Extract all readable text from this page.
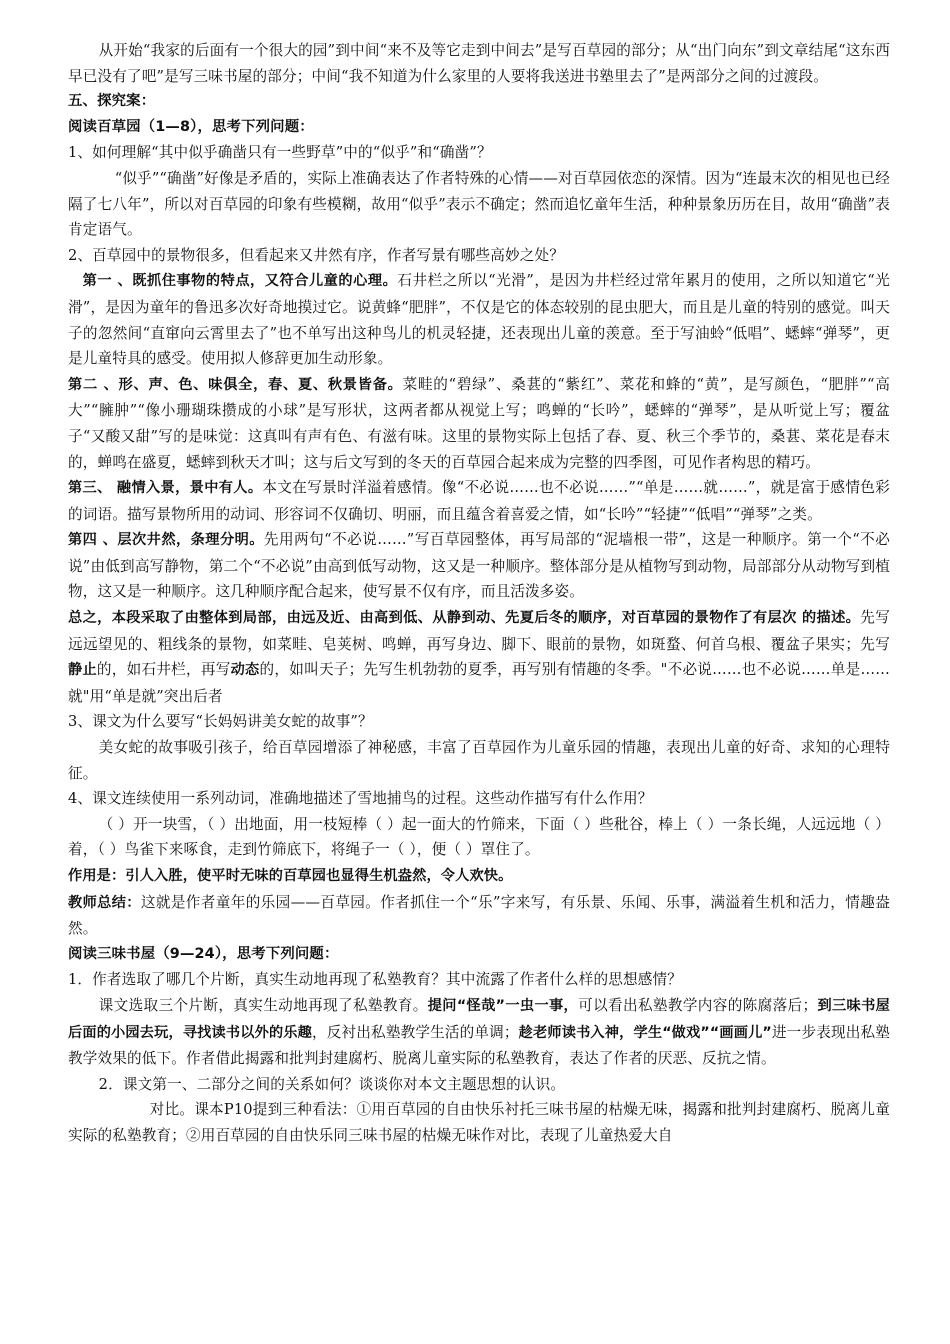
从开始“我家的后面有一个很大的园”到中间“来不及等它走到中间去”是写百草园的部分；从“出门向东”到文章结尾“这东西早已没有了吧”是写三味书屋的部分；中间“我不知道为什么家里的人要将我送进书塾里去了”是两部分之间的过渡段。

五、探究案：

阅读百草园（1—8），思考下列问题：

1、如何理解“其中似乎确凿只有一些野草”中的“似乎”和“确凿”？

“似乎”“确凿”好像是矛盾的，实际上准确表达了作者特殊的心情——对百草园依恋的深情。因为“连最末次的相见也已经隔了七八年”，所以对百草园的印象有些模糊，故用“似乎”表示不确定；然而追忆童年生活，种种景象历历在目，故用“确凿”表肯定语气。

2、百草园中的景物很多，但看起来又井然有序，作者写景有哪些高妙之处？

第一 、既抓住事物的特点，又符合儿童的心理。石井栏之所以“光滑”，是因为井栏经过常年累月的使用，之所以知道它“光滑”，是因为童年的鲁迅多次好奇地摸过它。说黄蜂“肥胖”，不仅是它的体态较别的昆虫肥大，而且是儿童的特别的感觉。叫天子的忽然间“直窜向云霄里去了”也不单写出这种鸟儿的机灵轻捷，还表现出儿童的羡意。至于写油蛉“低唱”、蟋蟀“弹琴”，更是儿童特具的感受。使用拟人修辞更加生动形象。

第二 、形、声、色、味俱全，春、夏、秋景皆备。菜畦的“碧绿”、桑葚的“紫红”、菜花和蜂的“黄”，是写颜色，“肥胖”“高大”“臃肿”“像小珊瑚珠攒成的小球”是写形状，这两者都从视觉上写；鸣蝉的“长吟”，蟋蟀的“弹琴”，是从听觉上写；覆盆子“又酸又甜”写的是味觉：这真叫有声有色、有滋有味。这里的景物实际上包括了春、夏、秋三个季节的，桑葚、菜花是春末的，蝉鸣在盛夏，蟋蟀到秋天才叫；这与后文写到的冬天的百草园合起来成为完整的四季图，可见作者构思的精巧。

第三、 融情入景，景中有人。本文在写景时洋溢着感情。像“不必说……也不必说……”“单是……就……”，就是富于感情色彩的词语。描写景物所用的动词、形容词不仅确切、明丽，而且蕴含着喜爱之情，如“长吟”“轻捷”“低唱”“弹琴”之类。

第四 、层次井然，条理分明。先用两句“不必说……”写百草园整体，再写局部的“泥墙根一带”，这是一种顺序。第一个“不必说”由低到高写静物，第二个“不必说”由高到低写动物，这又是一种顺序。整体部分是从植物写到动物，局部部分从动物写到植物，这又是一种顺序。这几种顺序配合起来，使写景不仅有序，而且活泼多姿。

总之，本段采取了由整体到局部，由远及近、由高到低、从静到动、先夏后冬的顺序，对百草园的景物作了有层次 的描述。先写远远望见的、粗线条的景物，如菜畦、皂荚树、鸣蝉，再写身边、脚下、眼前的景物，如斑蝥、何首乌根、覆盆子果实；先写静止的，如石井栏，再写动态的，如叫天子；先写生机勃勃的夏季，再写别有情趣的冬季。"不必说……也不必说……单是……就"用“单是就”突出后者

3、课文为什么要写“长妈妈讲美女蛇的故事”？

美女蛇的故事吸引孩子，给百草园增添了神秘感，丰富了百草园作为儿童乐园的情趣，表现出儿童的好奇、求知的心理特征。

4、课文连续使用一系列动词，准确地描述了雪地捕鸟的过程。这些动作描写有什么作用？

（ ）开一块雪，（ ）出地面，用一枝短棒（ ）起一面大的竹筛来，下面（ ）些秕谷，棒上（ ）一条长绳，人远远地（ ）着，（ ）鸟雀下来啄食，走到竹筛底下，将绳子一（ ），便（ ）罩住了。

作用是：引人入胜，使平时无味的百草园也显得生机盎然，令人欢快。

教师总结：这就是作者童年的乐园——百草园。作者抓住一个“乐”字来写，有乐景、乐闻、乐事，满溢着生机和活力，情趣盎然。

阅读三味书屋（9—24），思考下列问题：

1．作者选取了哪几个片断，真实生动地再现了私塾教育？其中流露了作者什么样的思想感情？

课文选取三个片断，真实生动地再现了私塾教育。提问“怪哉”一虫一事，可以看出私塾教学内容的陈腐落后；到三味书屋后面的小园去玩，寻找读书以外的乐趣，反衬出私塾教学生活的单调；趁老师读书入神，学生“做戏”“画画儿”进一步表现出私塾教学效果的低下。作者借此揭露和批判封建腐朽、脱离儿童实际的私塾教育，表达了作者的厌恶、反抗之情。

2．课文第一、二部分之间的关系如何？谈谈你对本文主题思想的认识。

对比。课本P10提到三种看法：①用百草园的自由快乐衬托三味书屋的枯燥无味，揭露和批判封建腐朽、脱离儿童实际的私塾教育；②用百草园的自由快乐同三味书屋的枯燥无味作对比，表现了儿童热爱大自
